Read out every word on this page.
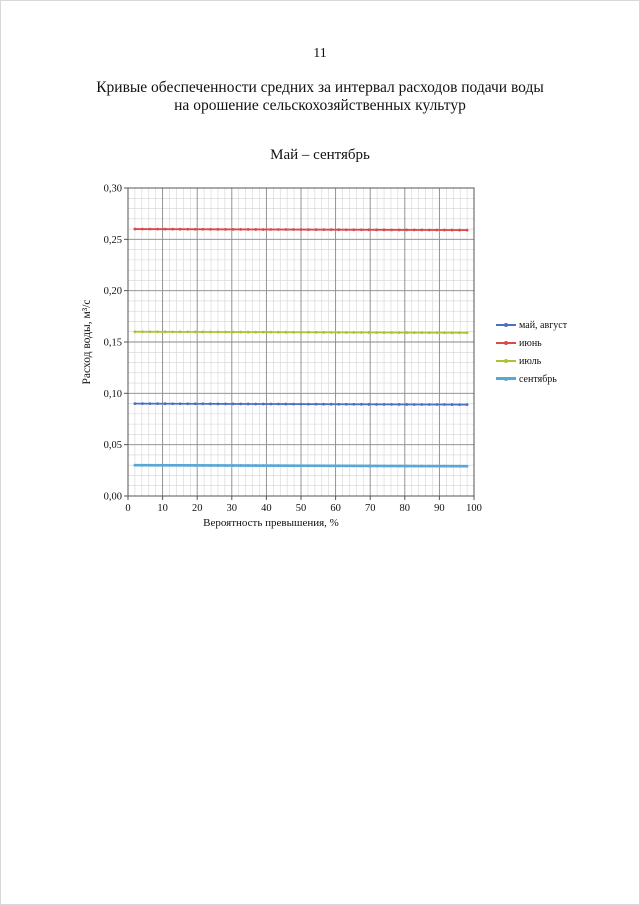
11
Кривые обеспеченности средних за интервал расходов подачи воды
на орошение сельскохозяйственных культур
Май – сентябрь
0	10 20 30 40 50 60 70 80 90 100
0,00
0,05
0,10
0,15
0,20
0,25
0,30
Вероятность превышения, %
Расход воды, м³/с	май, август
июнь
июль
сентябрь
